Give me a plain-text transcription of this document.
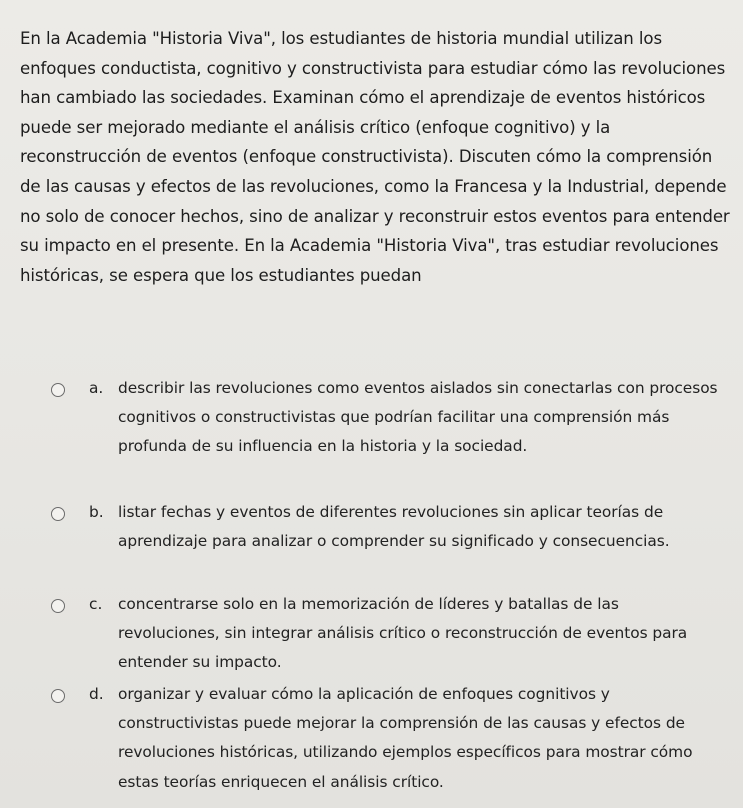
En la Academia "Historia Viva", los estudiantes de historia mundial utilizan los enfoques conductista, cognitivo y constructivista para estudiar cómo las revoluciones han cambiado las sociedades. Examinan cómo el aprendizaje de eventos históricos puede ser mejorado mediante el análisis crítico (enfoque cognitivo) y la reconstrucción de eventos (enfoque constructivista). Discuten cómo la comprensión de las causas y efectos de las revoluciones, como la Francesa y la Industrial, depende no solo de conocer hechos, sino de analizar y reconstruir estos eventos para entender su impacto en el presente. En la Academia "Historia Viva", tras estudiar revoluciones históricas, se espera que los estudiantes puedan
a. describir las revoluciones como eventos aislados sin conectarlas con procesos cognitivos o constructivistas que podrían facilitar una comprensión más profunda de su influencia en la historia y la sociedad.
b. listar fechas y eventos de diferentes revoluciones sin aplicar teorías de aprendizaje para analizar o comprender su significado y consecuencias.
c. concentrarse solo en la memorización de líderes y batallas de las revoluciones, sin integrar análisis crítico o reconstrucción de eventos para entender su impacto.
d. organizar y evaluar cómo la aplicación de enfoques cognitivos y constructivistas puede mejorar la comprensión de las causas y efectos de revoluciones históricas, utilizando ejemplos específicos para mostrar cómo estas teorías enriquecen el análisis crítico.
